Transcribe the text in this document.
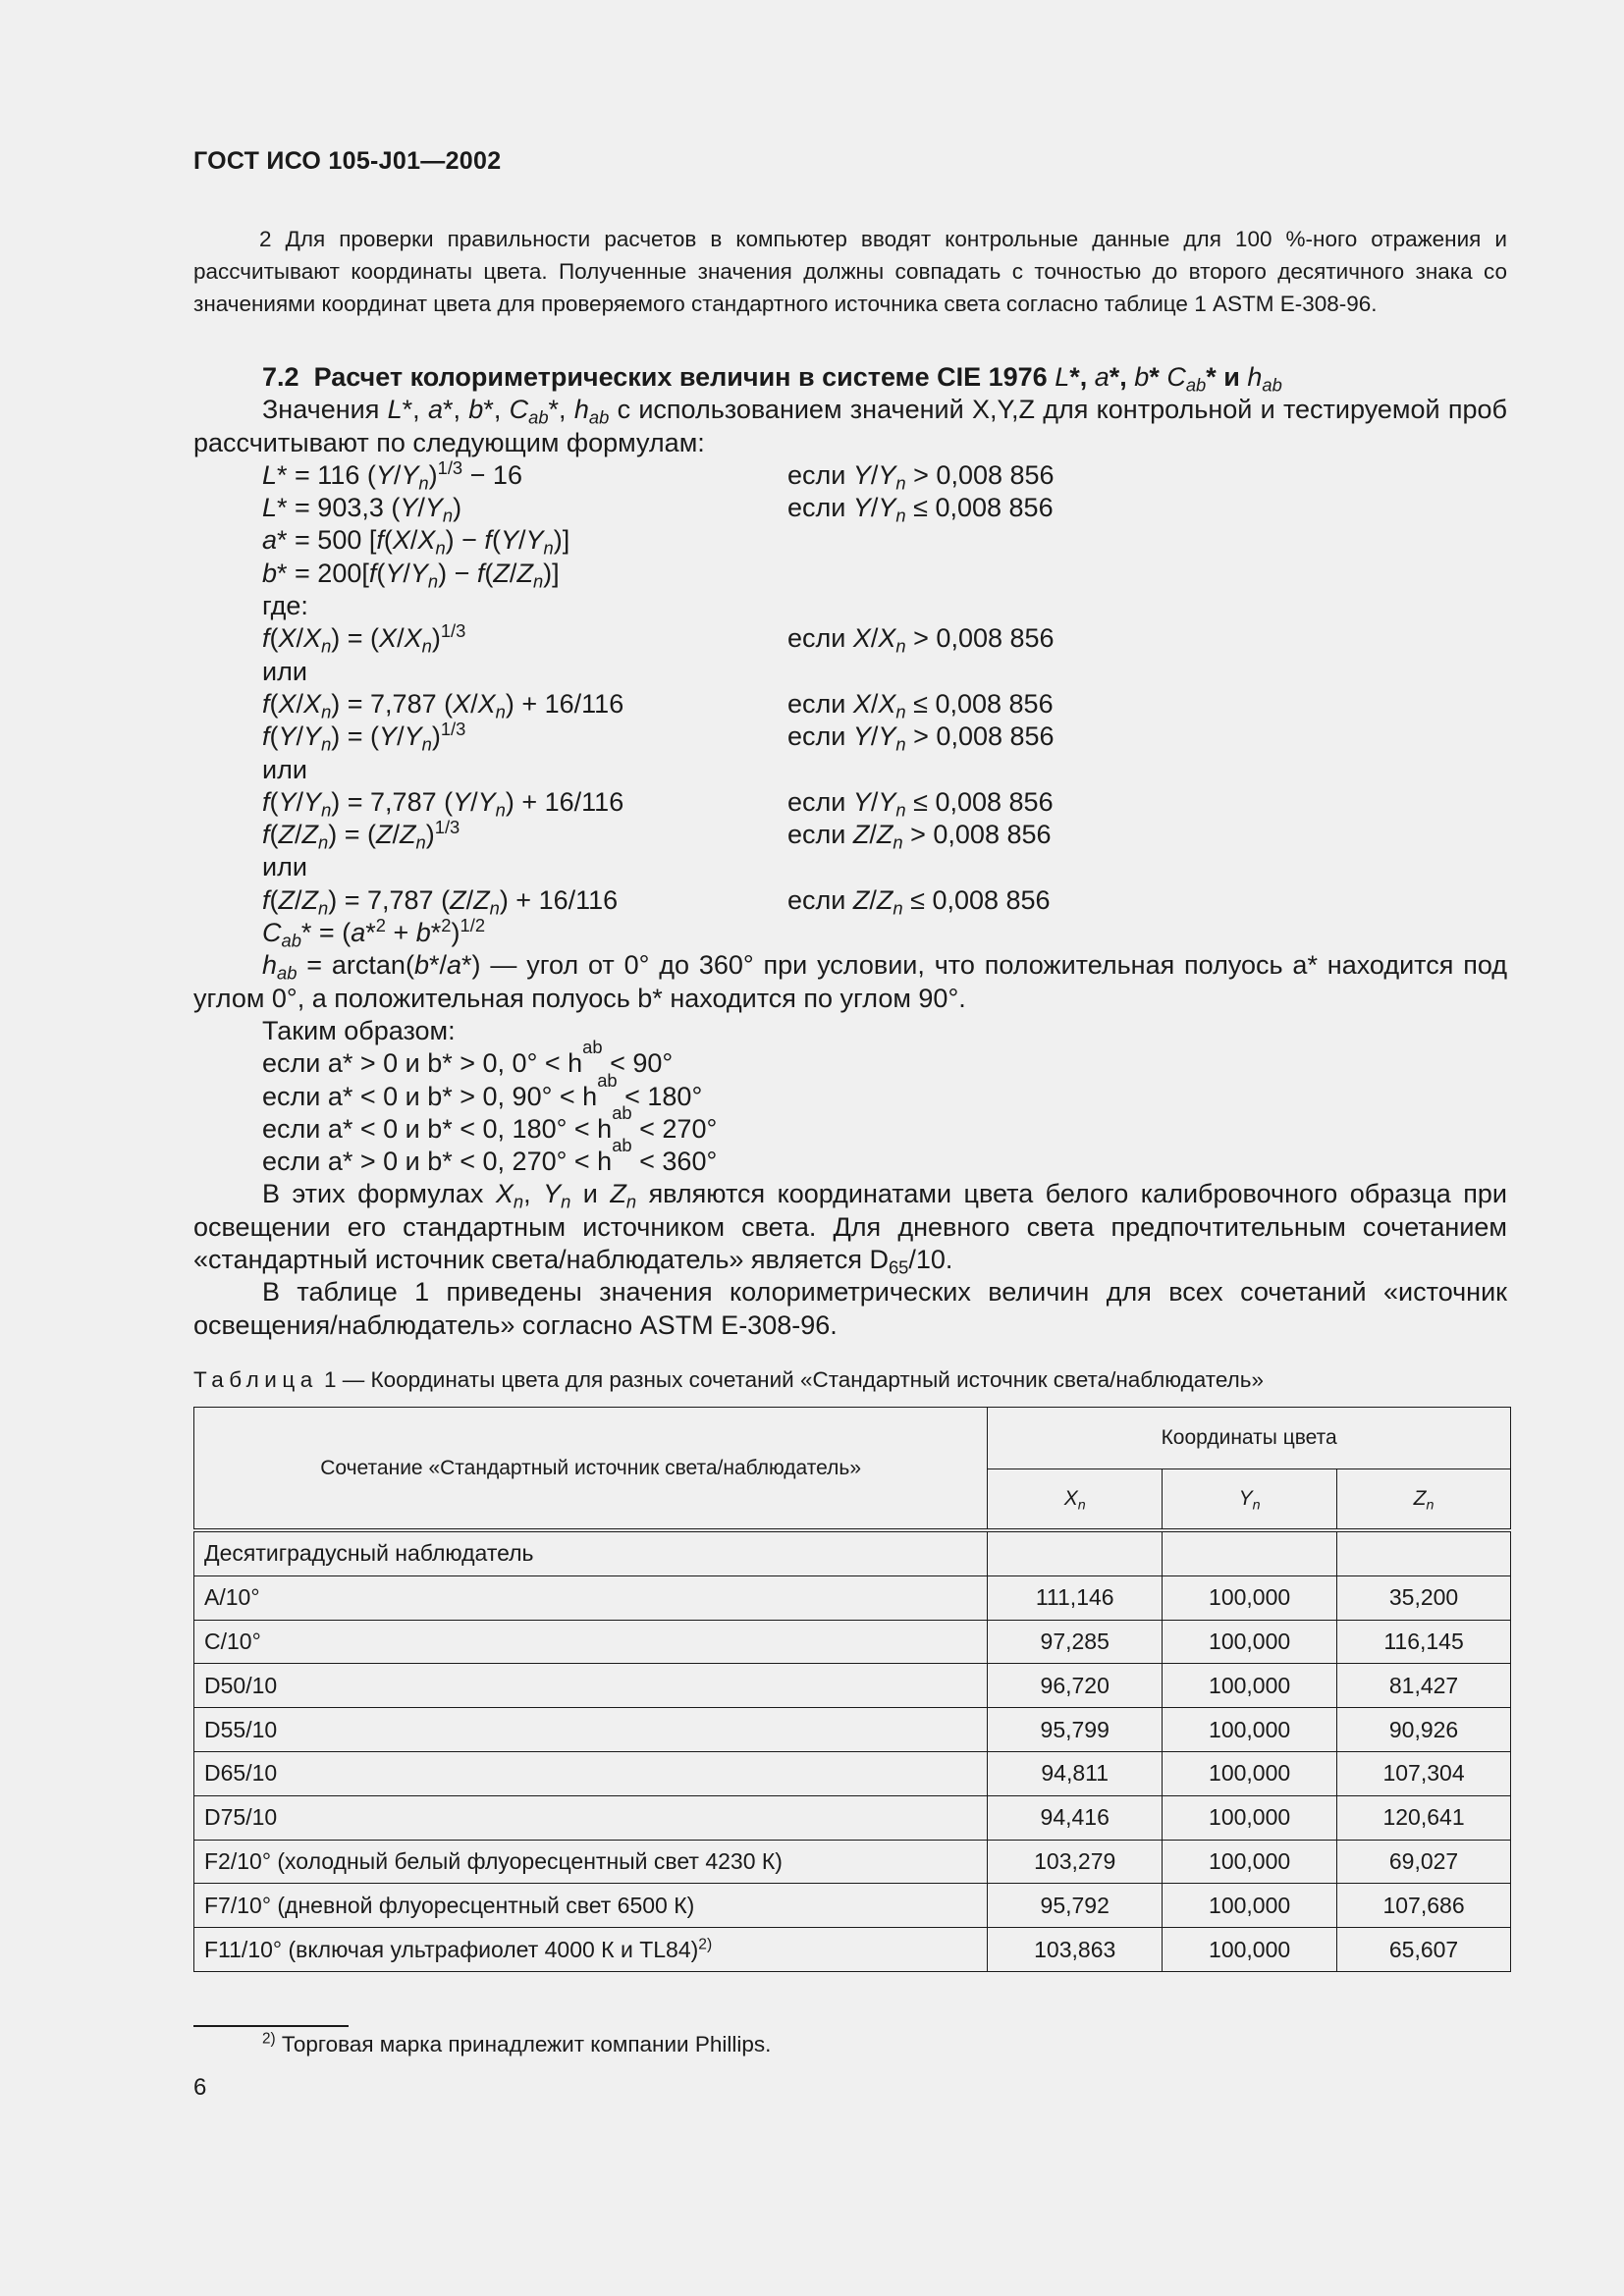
ГОСТ ИСО 105-J01—2002

2 Для проверки правильности расчетов в компьютер вводят контрольные данные для 100 %-ного отражения и рассчитывают координаты цвета. Полученные значения должны совпадать с точностью до второго десятичного знака со значениями координат цвета для проверяемого стандартного источника света согласно таблице 1 ASTM E-308-96.

7.2 Расчет колориметрических величин в системе CIE 1976 L*, a*, b* $C_{ab}*$ и $h_{ab}$

Значения L*, a*, b*, $C_{ab}*$, $h_{ab}$ с использованием значений X,Y,Z для контрольной и тестируемой проб рассчитывают по следующим формулам:

L* = 116 $(Y/Y_n)^{1/3} - 16$	если $Y/Y_n > 0,008$ 856
L* = 903,3 $(Y/Y_n)$	если $Y/Y_n \le 0,008$ 856
a* = 500 $[f(X/X_n) - f(Y/Y_n)]$
$b* = 200[f(Y/Y_n) - f(Z/Z_n)]$
где:
$f(X/X_n) = (X/X_n)^{1/3}$	если $X/X_n > 0,008$ 856
или
$f(X/X_n) = 7,787$ $(X/X_n) + 16/116$	если $X/X_n \le 0,008$ 856
$f(Y/Y_n) = (Y/Y_n)^{1/3}$	если $Y/Y_n > 0,008$ 856
или
$f(Y/Y_n) = 7,787$ $(Y/Y_n) + 16/116$	если $Y/Y_n \le 0,008$ 856
$f(Z/Z_n) = (Z/Z_n)^{1/3}$	если $Z/Z_n > 0,008$ 856
или
$f(Z/Z_n) = 7,787$ $(Z/Z_n) + 16/116$	если $Z/Z_n \le 0,008$ 856
$C_{ab}* = (a*^2 + b*^2)^{1/2}$

$h_{ab} = \arctan(b*/a*)$ — угол от 0° до 360° при условии, что положительная полуось a* находится под углом 0°, а положительная полуось b* находится по углом 90°.

Таким образом:

если a* > 0 и b* > 0, 0° < h
ab

< 90°
если a* < 0 и b* > 0, 90° < h
ab

< 180°
если a* < 0 и b* < 0, 180° < h
ab

< 270°
если a* > 0 и b* < 0, 270° < h
ab

< 360°

В этих формулах $X_n$, $Y_n$ и $Z_n$ являются координатами цвета белого калибровочного образца при освещении его стандартным источником света. Для дневного света предпочтительным сочетанием «стандартный источник света/наблюдатель» является $D_{65}/10$.

В таблице 1 приведены значения колориметрических величин для всех сочетаний «источник освещения/наблюдатель» согласно ASTM E-308-96.

Таблица 1 — Координаты цвета для разных сочетаний «Стандартный источник света/наблюдатель»
Сочетание «Стандартный источник света/наблюдатель»	Координаты цвета		
	$X_n$	$Y_n$	$Z_n$
Десятиградусный наблюдатель			
A/10°	111,146	100,000	35,200
C/10°	97,285	100,000	116,145
D50/10	96,720	100,000	81,427
D55/10	95,799	100,000	90,926
D65/10	94,811	100,000	107,304
D75/10	94,416	100,000	120,641
F2/10° (холодный белый флуоресцентный свет 4230 К)	103,279	100,000	69,027
F7/10° (дневной флуоресцентный свет 6500 К)	95,792	100,000	107,686
F11/10° (включая ультрафиолет 4000 К и TL84)$^{2)}$	103,863	100,000	65,607
$^{2)}$ Торговая марка принадлежит компании Phillips.
6
